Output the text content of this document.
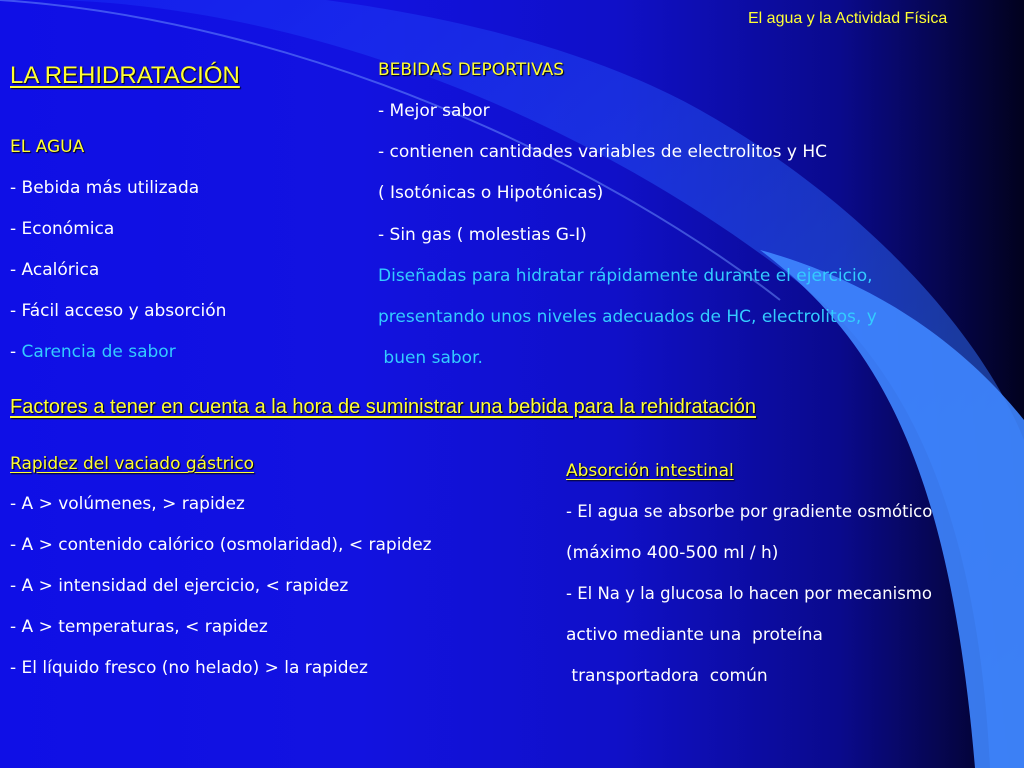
El agua y la Actividad Física
LA REHIDRATACIÓN
EL AGUA
- Bebida más utilizada
- Económica
- Acalórica
- Fácil acceso y absorción
- Carencia de sabor
BEBIDAS DEPORTIVAS
- Mejor sabor
- contienen cantidades variables de electrolitos y HC
( Isotónicas o Hipotónicas)
- Sin gas ( molestias G-I)
Diseñadas para hidratar rápidamente durante el ejercicio,
presentando unos niveles adecuados de HC, electrolitos, y
buen sabor.
Factores a tener en cuenta a la hora de suministrar una bebida para la rehidratación
Rapidez del vaciado gástrico
- A > volúmenes, > rapidez
- A > contenido calórico (osmolaridad), < rapidez
- A > intensidad del ejercicio, < rapidez
- A > temperaturas, < rapidez
- El líquido fresco (no helado) > la rapidez
Absorción intestinal
- El agua se absorbe por gradiente osmótico
(máximo 400-500 ml / h)
- El Na y la glucosa lo hacen por mecanismo
activo mediante una  proteína
transportadora  común
